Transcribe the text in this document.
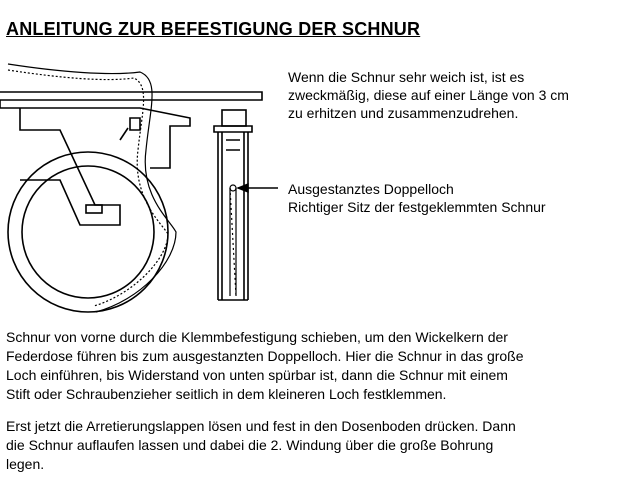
ANLEITUNG ZUR BEFESTIGUNG DER SCHNUR
Wenn die Schnur sehr weich ist, ist es
zweckmäßig, diese auf einer Länge von 3 cm
zu erhitzen und zusammenzudrehen.
Ausgestanztes Doppelloch
Richtiger Sitz der festgeklemmten Schnur
Schnur von vorne durch die Klemmbefestigung schieben, um den Wickelkern der
Federdose führen bis zum ausgestanzten Doppelloch. Hier die Schnur in das große
Loch einführen, bis Widerstand von unten spürbar ist, dann die Schnur mit einem
Stift oder Schraubenzieher seitlich in dem kleineren Loch festklemmen.
Erst jetzt die Arretierungslappen lösen und fest in den Dosenboden drücken. Dann
die Schnur auflaufen lassen und dabei die 2. Windung über die große Bohrung
legen.
